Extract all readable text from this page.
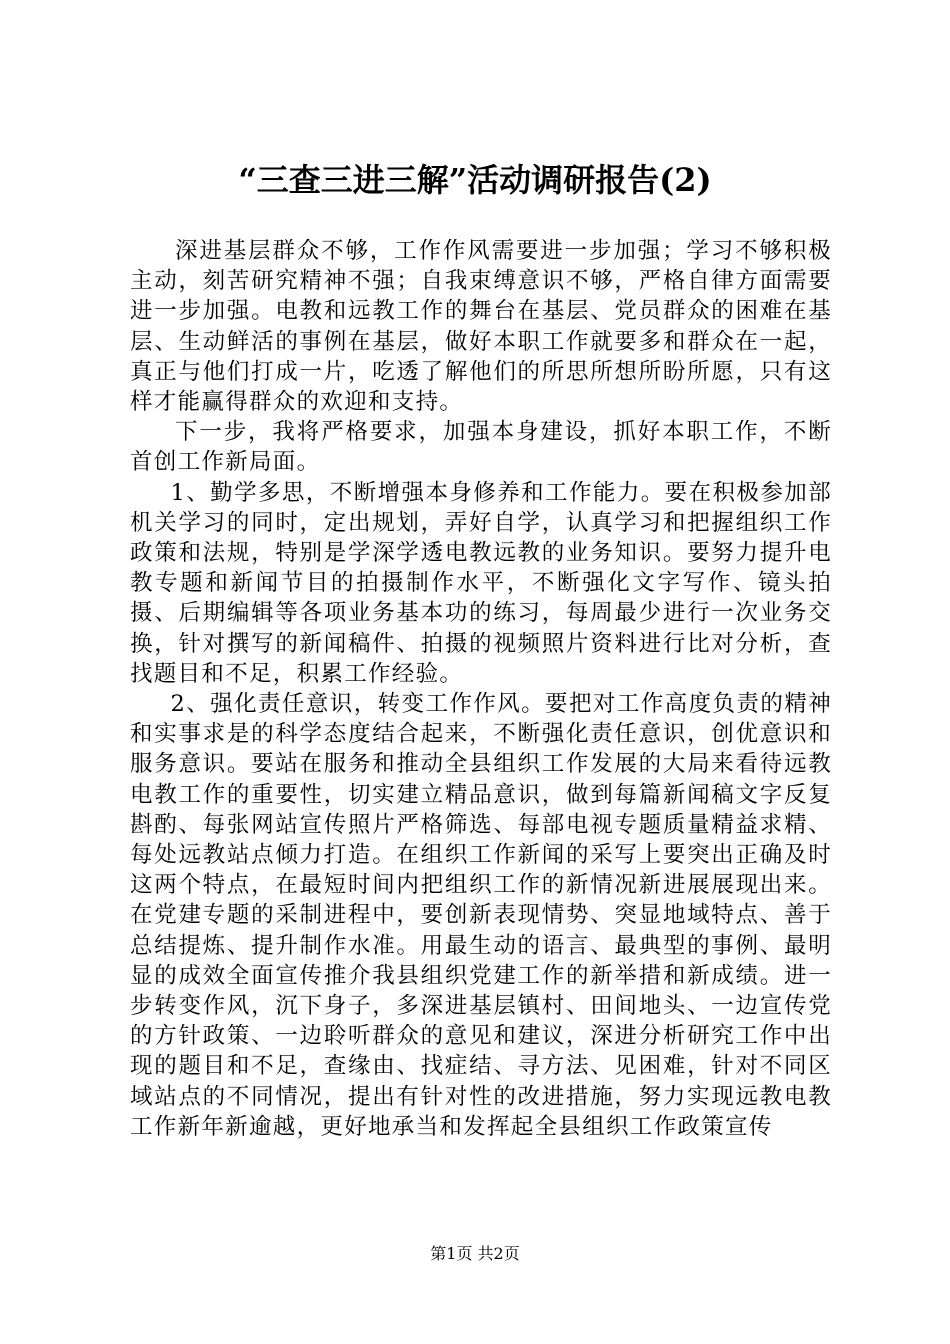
“三查三进三解”活动调研报告(2)

深进基层群众不够，工作作风需要进一步加强；学习不够积极主动，刻苦研究精神不强；自我束缚意识不够，严格自律方面需要进一步加强。电教和远教工作的舞台在基层、党员群众的困难在基层、生动鲜活的事例在基层，做好本职工作就要多和群众在一起，真正与他们打成一片，吃透了解他们的所思所想所盼所愿，只有这样才能赢得群众的欢迎和支持。

下一步，我将严格要求，加强本身建设，抓好本职工作，不断首创工作新局面。

1、勤学多思，不断增强本身修养和工作能力。要在积极参加部机关学习的同时，定出规划，弄好自学，认真学习和把握组织工作政策和法规，特别是学深学透电教远教的业务知识。要努力提升电教专题和新闻节目的拍摄制作水平，不断强化文字写作、镜头拍摄、后期编辑等各项业务基本功的练习，每周最少进行一次业务交换，针对撰写的新闻稿件、拍摄的视频照片资料进行比对分析，查找题目和不足，积累工作经验。

2、强化责任意识，转变工作作风。要把对工作高度负责的精神和实事求是的科学态度结合起来，不断强化责任意识，创优意识和服务意识。要站在服务和推动全县组织工作发展的大局来看待远教电教工作的重要性，切实建立精品意识，做到每篇新闻稿文字反复斟酌、每张网站宣传照片严格筛选、每部电视专题质量精益求精、每处远教站点倾力打造。在组织工作新闻的采写上要突出正确及时这两个特点，在最短时间内把组织工作的新情况新进展展现出来。在党建专题的采制进程中，要创新表现情势、突显地域特点、善于总结提炼、提升制作水准。用最生动的语言、最典型的事例、最明显的成效全面宣传推介我县组织党建工作的新举措和新成绩。进一步转变作风，沉下身子，多深进基层镇村、田间地头、一边宣传党的方针政策、一边聆听群众的意见和建议，深进分析研究工作中出现的题目和不足，查缘由、找症结、寻方法、见困难，针对不同区域站点的不同情况，提出有针对性的改进措施，努力实现远教电教工作新年新逾越，更好地承当和发挥起全县组织工作政策宣传

第1页 共2页
